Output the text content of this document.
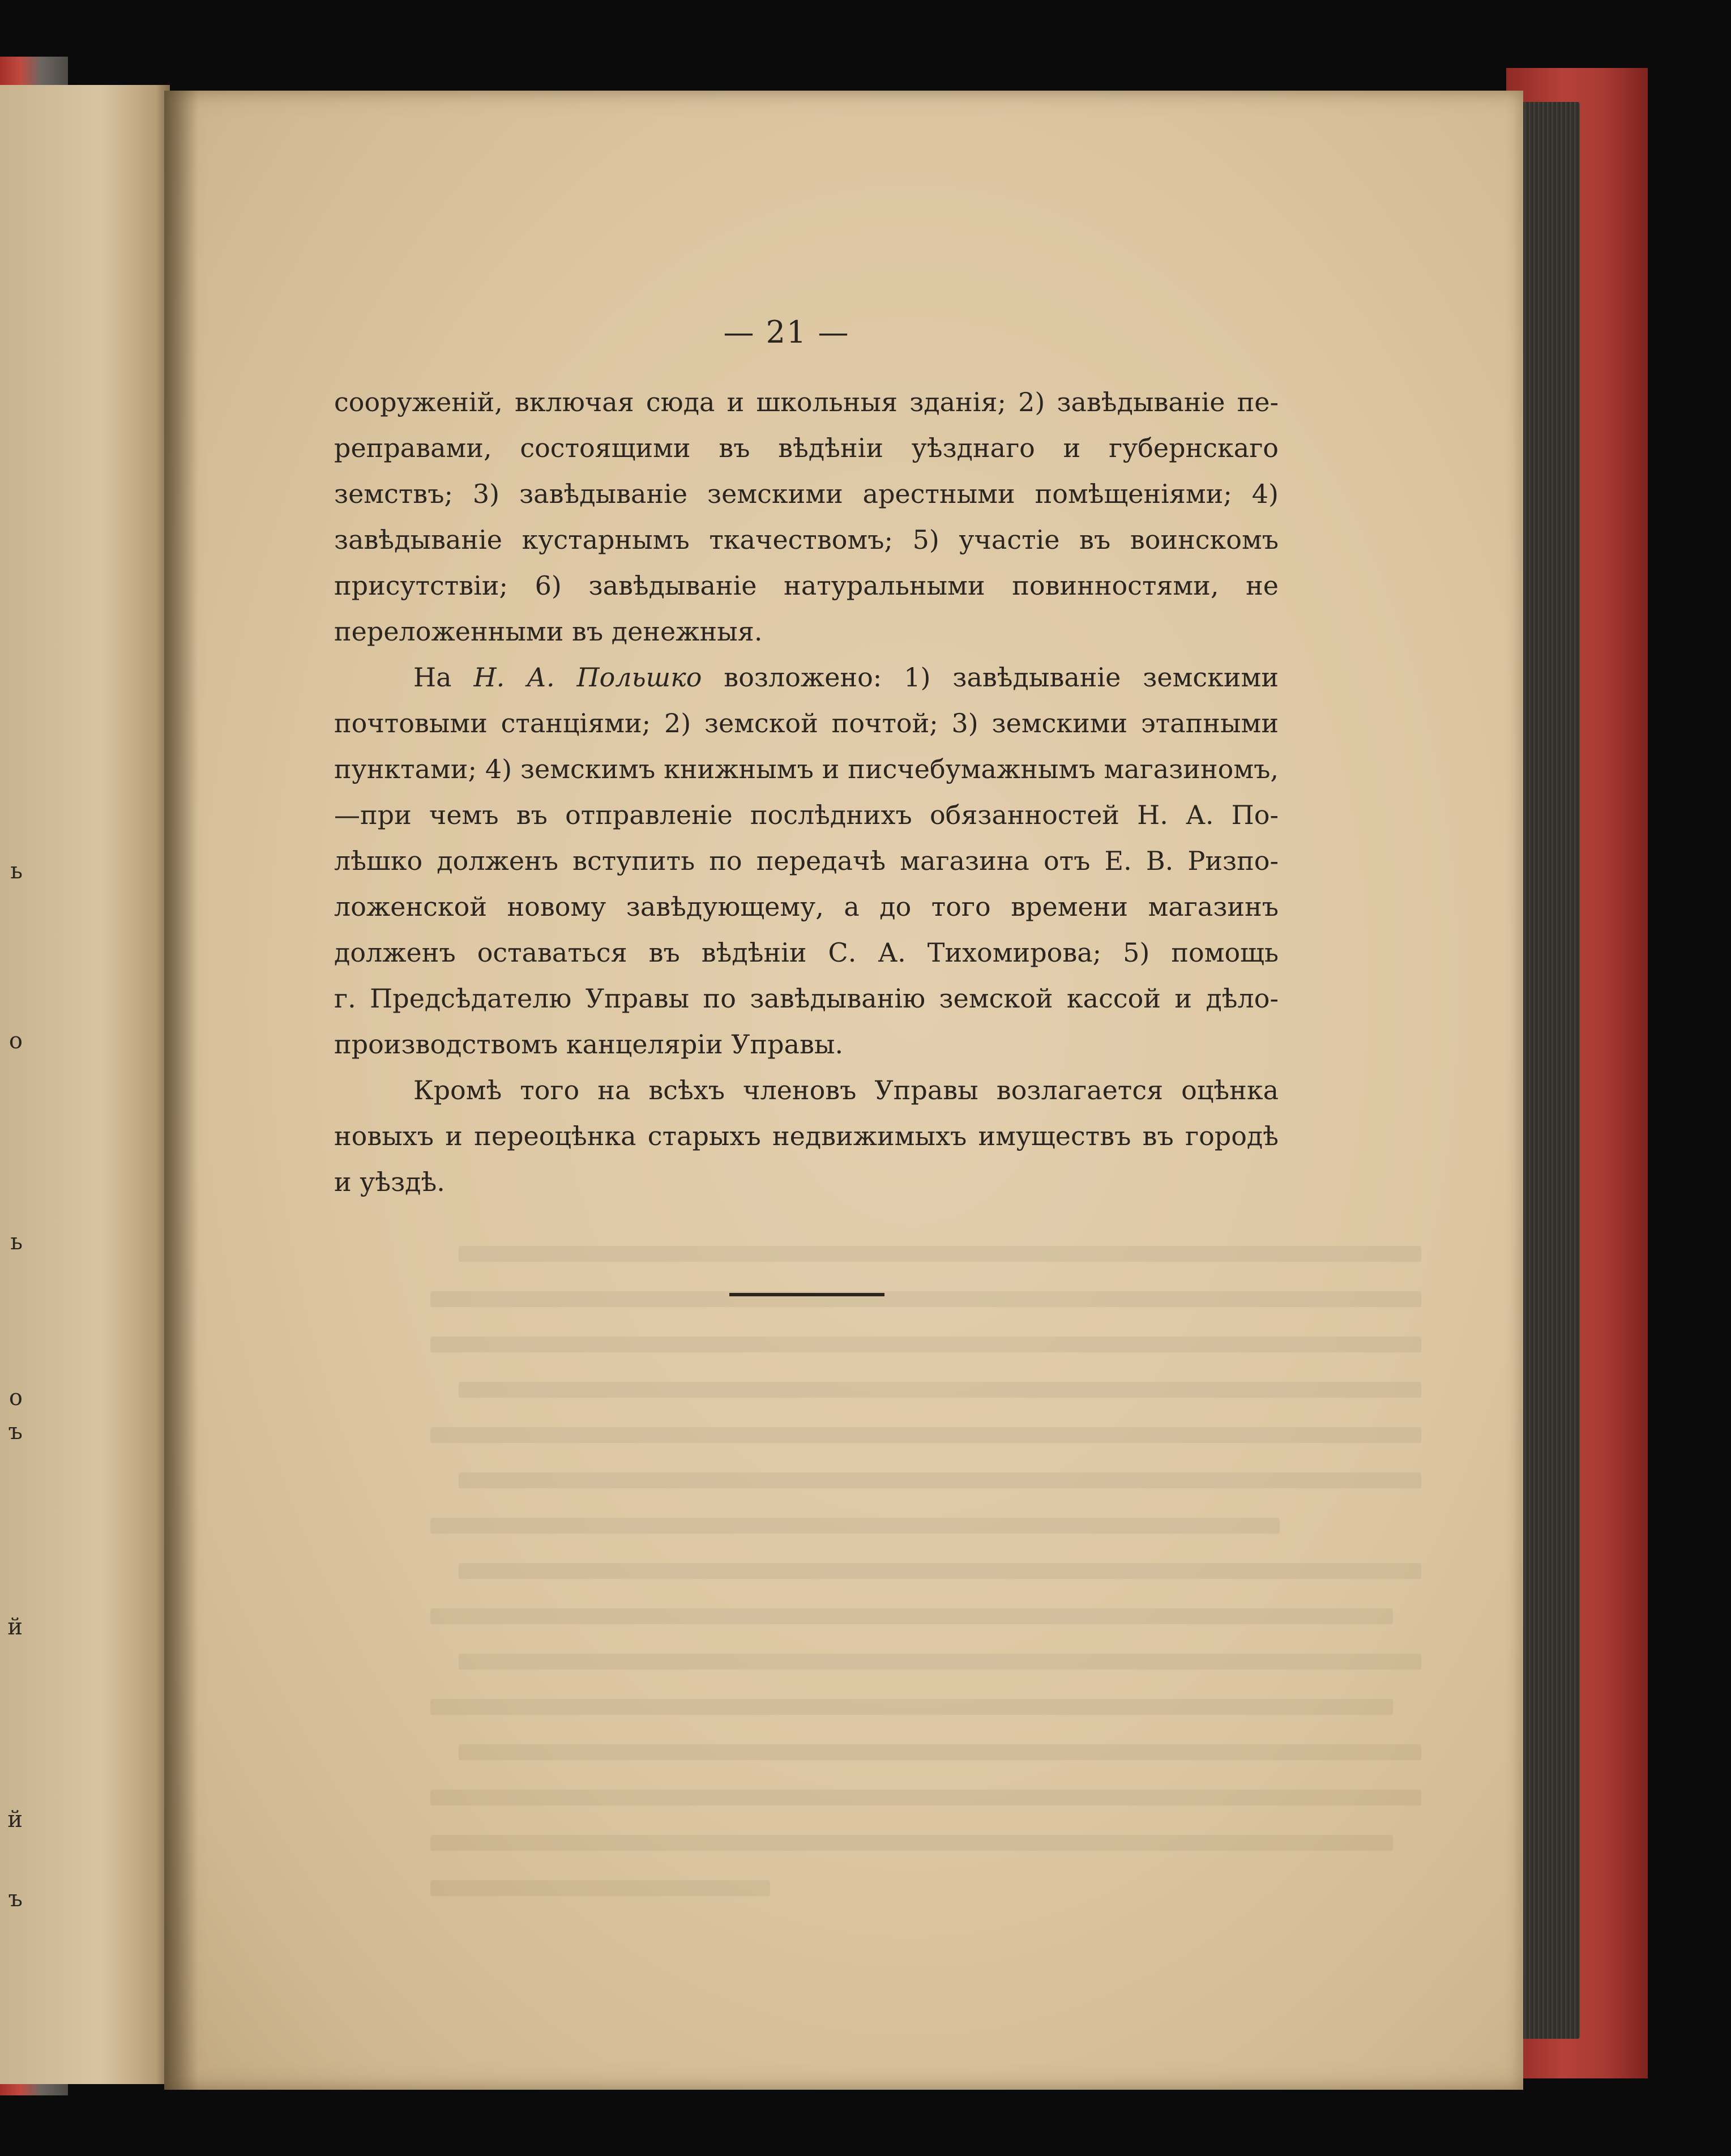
ь
ь
о
о
ъ
й
й
ъ
— 21 —

сооруженій, включая сюда и школьныя зданія; 2) завѣдываніе пе-
реправами, состоящими въ вѣдѣніи уѣзднаго и губернскаго
земствъ; 3) завѣдываніе земскими арестными помѣщеніями; 4)
завѣдываніе кустарнымъ ткачествомъ; 5) участіе въ воинскомъ
присутствіи; 6) завѣдываніе натуральными повинностями, не
переложенными въ денежныя.

На Н. А. Польшко возложено: 1) завѣдываніе земскими
почтовыми станціями; 2) земской почтой; 3) земскими этапными
пунктами; 4) земскимъ книжнымъ и писчебумажнымъ магазиномъ,
—при чемъ въ отправленіе послѣднихъ обязанностей Н. А. По-
лѣшко долженъ вступить по передачѣ магазина отъ Е. В. Ризпо-
ложенской новому завѣдующему, а до того времени магазинъ
долженъ оставаться въ вѣдѣніи С. А. Тихомирова; 5) помощь
г. Предсѣдателю Управы по завѣдыванію земской кассой и дѣло-
производствомъ канцеляріи Управы.

Кромѣ того на всѣхъ членовъ Управы возлагается оцѣнка
новыхъ и переоцѣнка старыхъ недвижимыхъ имуществъ въ городѣ
и уѣздѣ.
